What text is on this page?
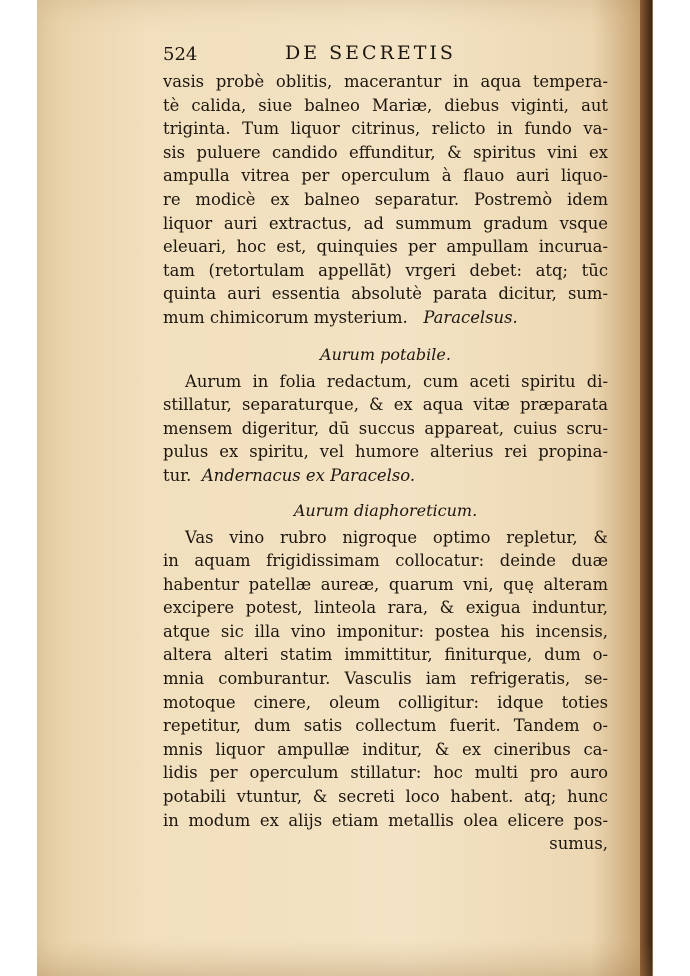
524	DE SECRETIS
vasis probè oblitis, macerantur in aqua tempera-
tè calida, siue balneo Mariæ, diebus viginti, aut
triginta. Tum liquor citrinus, relicto in fundo va-
sis puluere candido effunditur, & spiritus vini ex
ampulla vitrea per operculum à flauo auri liquo-
re modicè ex balneo separatur. Postremò idem
liquor auri extractus, ad summum gradum vsque
eleuari, hoc est, quinquies per ampullam incurua-
tam (retortulam appellāt) vrgeri debet: atq; tūc
quinta auri essentia absolutè parata dicitur, sum-
mum chimicorum mysterium. Paracelsus.
Aurum potabile.
Aurum in folia redactum, cum aceti spiritu di-
stillatur, separaturque, & ex aqua vitæ præparata
mensem digeritur, dū succus appareat, cuius scru-
pulus ex spiritu, vel humore alterius rei propina-
tur. Andernacus ex Paracelso.
Aurum diaphoreticum.
Vas vino rubro nigroque optimo repletur, &
in aquam frigidissimam collocatur: deinde duæ
habentur patellæ aureæ, quarum vni, quę alteram
excipere potest, linteola rara, & exigua induntur,
atque sic illa vino imponitur: postea his incensis,
altera alteri statim immittitur, finiturque, dum o-
mnia comburantur. Vasculis iam refrigeratis, se-
motoque cinere, oleum colligitur: idque toties
repetitur, dum satis collectum fuerit. Tandem o-
mnis liquor ampullæ inditur, & ex cineribus ca-
lidis per operculum stillatur: hoc multi pro auro
potabili vtuntur, & secreti loco habent. atq; hunc
in modum ex alijs etiam metallis olea elicere pos-
sumus,
